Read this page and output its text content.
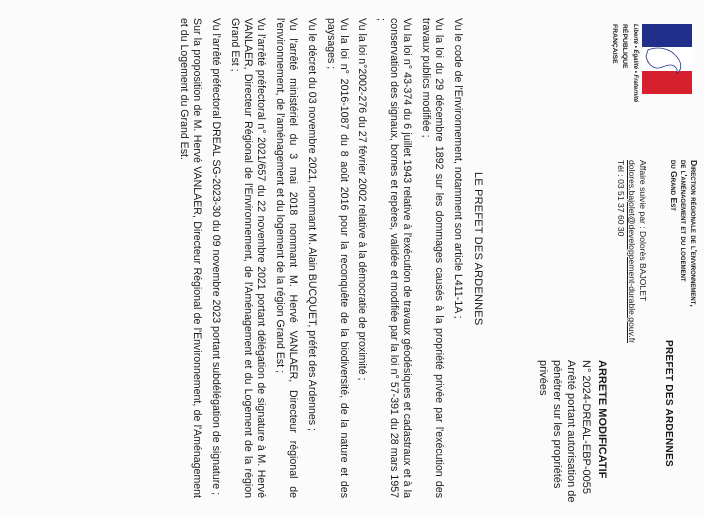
Liberté • Égalité • Fraternité
RÉPUBLIQUE
FRANÇAISE
PREFET DES ARDENNES
Direction régionale de l'environnement,
de l'aménagement et du logement
du Grand Est
Affaire suivie par : Dolorès BAJOLET
dolores.bajolet@developpement-durable.gouv.fr
Tél : 03 51 37 60 30
ARRETE MODIFICATIF
N° 2024-DREAL-EBP-0055
Arrêté portant autorisation de pénétrer sur les propriétés privées
LE PREFET DES ARDENNES

Vu le code de l'Environnement, notamment son article L411-1A ;

Vu la loi du 29 décembre 1892 sur les dommages causés à la propriété privée par l'exécution des travaux publics modifiée ;

Vu la loi n° 43-374 du 6 juillet 1943 relative à l'exécution de travaux géodésiques et cadastraux et à la conservation des signaux, bornes et repères, validée et modifiée par la loi n° 57-391 du 28 mars 1957 ;

Vu la loi n°2002-276 du 27 février 2002 relative à la démocratie de proximité ;

Vu la loi n° 2016-1087 du 8 août 2016 pour la reconquête de la biodiversité, de la nature et des paysages ;

Vu le décret du 03 novembre 2021, nommant M. Alain BUCQUET, préfet des Ardennes ;

Vu l'arrêté ministériel du 3 mai 2018 nommant M. Hervé VANLAER, Directeur régional de l'environnement, de l'aménagement et du logement de la région Grand Est ;

Vu l'arrêté préfectoral n° 2021/657 du 22 novembre 2021 portant délégation de signature à M. Hervé VANLAER, Directeur Régional de l'Environnement, de l'Aménagement et du Logement de la région Grand Est ;

Vu l'arrêté préfectoral DREAL SG-2023-30 du 09 novembre 2023 portant subdélégation de signature ;

Sur la proposition de M. Hervé VANLAER, Directeur Régional de l'Environnement, de l'Aménagement et du Logement du Grand Est.
